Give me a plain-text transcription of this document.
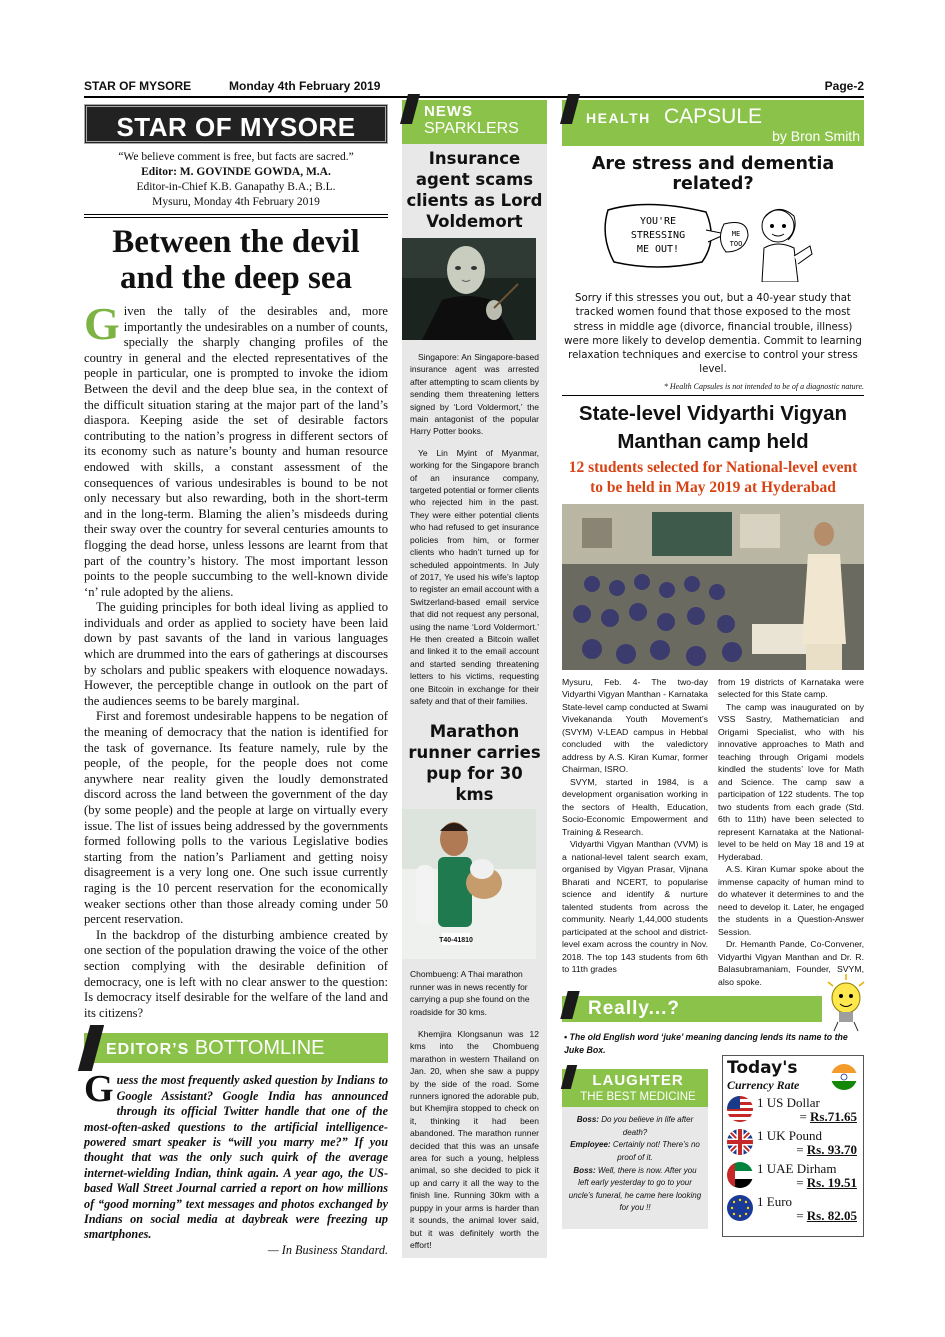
STAR OF MYSORE	Monday 4th February 2019	Page-2
STAR OF MYSORE
“We believe comment is free, but facts are sacred.”
Editor: M. GOVINDE GOWDA, M.A.
Editor-in-Chief K.B. Ganapathy B.A.; B.L.
Mysuru, Monday 4th February 2019
Between the devil
and the deep sea

Given the tally of the desirables and, more importantly the undesirables on a number of counts, specially the sharply changing profiles of the country in general and the elected representatives of the people in particular, one is prompted to invoke the idiom Between the devil and the deep blue sea, in the context of the difficult situation staring at the major part of the land’s diaspora. Keeping aside the set of desirable factors contributing to the nation’s progress in different sectors of its economy such as nature’s bounty and human resource endowed with skills, a constant assessment of the consequences of various undesirables is bound to be not only necessary but also rewarding, both in the short-term and in the long-term. Blaming the alien’s misdeeds during their sway over the country for several centuries amounts to flogging the dead horse, unless lessons are learnt from that part of the country’s history. The most important lesson points to the people succumbing to the well-known divide ‘n’ rule adopted by the aliens.

The guiding principles for both ideal living as applied to individuals and order as applied to society have been laid down by past savants of the land in various languages which are drummed into the ears of gatherings at discourses by scholars and public speakers with eloquence nowadays. However, the perceptible change in outlook on the part of the audiences seems to be barely marginal.

First and foremost undesirable happens to be negation of the meaning of democracy that the nation is identified for the task of governance. Its feature namely, rule by the people, of the people, for the people does not come anywhere near reality given the loudly demonstrated discord across the land between the government of the day (by some people) and the people at large on virtually every issue. The list of issues being addressed by the governments formed following polls to the various Legislative bodies starting from the nation’s Parliament and getting noisy disagreement is a very long one. One such issue currently raging is the 10 percent reservation for the economically weaker sections other than those already coming under 50 percent reservation.

In the backdrop of the disturbing ambience created by one section of the population drawing the voice of the other section complying with the desirable definition of democracy, one is left with no clear answer to the question: Is democracy itself desirable for the welfare of the land and its citizens?

EDITOR’S BOTTOMLINE
Guess the most frequently asked question by Indians to Google Assistant? Google India has announced through its official Twitter handle that one of the most-often-asked questions to the artificial intelligence-powered smart speaker is “will you marry me?” If you thought that was the only such quirk of the average internet-wielding Indian, think again. A year ago, the US-based Wall Street Journal carried a report on how millions of “good morning” text messages and photos exchanged by Indians on social media at daybreak were freezing up smartphones.
— In Business Standard.
NEWS
SPARKLERS
Insurance agent scams clients as Lord Voldemort

Singapore: An Singapore-based insurance agent was arrested after attempting to scam clients by sending them threatening letters signed by ‘Lord Voldermort,’ the main antagonist of the popular Harry Potter books.

Ye Lin Myint of Myanmar, working for the Singapore branch of an insurance company, targeted potential or former clients who rejected him in the past. They were either potential clients who had refused to get insurance policies from him, or former clients who hadn’t turned up for scheduled appointments. In July of 2017, Ye used his wife’s laptop to register an email account with a Switzerland-based email service that did not request any personal, using the name ‘Lord Voldermort.’ He then created a Bitcoin wallet and linked it to the email account and started sending threatening letters to his victims, requesting one Bitcoin in exchange for their safety and that of their families.

Marathon runner carries pup for 30 kms
T40-41810
Chombueng: A Thai marathon runner was in news recently for carrying a pup she found on the roadside for 30 kms.

Khemjira Klongsanun was 12 kms into the Chombueng marathon in western Thailand on Jan. 20, when she saw a puppy by the side of the road. Some runners ignored the adorable pub, but Khemjira stopped to check on it, thinking it had been abandoned. The marathon runner decided that this was an unsafe area for such a young, helpless animal, so she decided to pick it up and carry it all the way to the finish line. Running 30km with a puppy in your arms is harder than it sounds, the animal lover said, but it was definitely worth the effort!

HEALTH CAPSULE
by Bron Smith
Are stress and dementia related?
YOU'RE
STRESSING
ME OUT!
ME
TOO
Sorry if this stresses you out, but a 40-year study that tracked women found that those exposed to the most stress in middle age (divorce, financial trouble, illness) were more likely to develop dementia. Commit to learning relaxation techniques and exercise to control your stress level.
* Health Capsules is not intended to be of a diagnostic nature.
State-level Vidyarthi Vigyan
Manthan camp held
12 students selected for National-level event
to be held in May 2019 at Hyderabad

Mysuru, Feb. 4- The two-day Vidyarthi Vigyan Manthan - Karnataka State-level camp conducted at Swami Vivekananda Youth Movement’s (SVYM) V-LEAD campus in Hebbal concluded with the valedictory address by A.S. Kiran Kumar, former Chairman, ISRO.

SVYM, started in 1984, is a development organisation working in the sectors of Health, Education, Socio-Economic Empowerment and Training & Research.

Vidyarthi Vigyan Manthan (VVM) is a national-level talent search exam, organised by Vigyan Prasar, Vijnana Bharati and NCERT, to popularise science and identify & nurture talented students from across the community. Nearly 1,44,000 students participated at the school and district-level exam across the country in Nov. 2018. The top 143 students from 6th to 11th grades

from 19 districts of Karnataka were selected for this State camp.

The camp was inaugurated on by VSS Sastry, Mathematician and Origami Specialist, who with his innovative approaches to Math and teaching through Origami models kindled the students’ love for Math and Science. The camp saw a participation of 122 students. The top two students from each grade (Std. 6th to 11th) have been selected to represent Karnataka at the National-level to be held on May 18 and 19 at Hyderabad.

A.S. Kiran Kumar spoke about the immense capacity of human mind to do whatever it determines to and the need to develop it. Later, he engaged the students in a Question-Answer Session.

Dr. Hemanth Pande, Co-Convener, Vidyarthi Vigyan Manthan and Dr. R. Balasubramaniam, Founder, SVYM, also spoke.

Really...?
• The old English word ‘juke’ meaning dancing lends its name to the Juke Box.
LAUGHTER
THE BEST MEDICINE
Boss: Do you believe in life after death?
Employee: Certainly not! There’s no proof of it.
Boss: Well, there is now. After you left early yesterday to go to your uncle’s funeral, he came here looking for you !!
Today's
Currency Rate
1 US Dollar
= Rs.71.65
1 UK Pound
= Rs. 93.70
1 UAE Dirham
= Rs. 19.51
1 Euro
= Rs. 82.05
